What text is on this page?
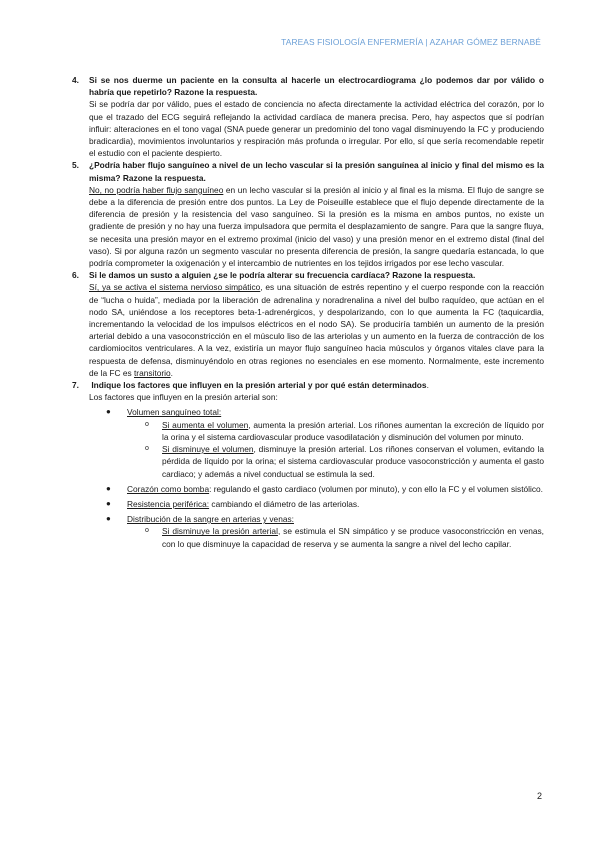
TAREAS FISIOLOGÍA ENFERMERÍA | AZAHAR GÓMEZ BERNABÉ
4.	Si se nos duerme un paciente en la consulta al hacerle un electrocardiograma ¿lo podemos dar por válido o habría que repetirlo? Razone la respuesta.

Si se podría dar por válido, pues el estado de conciencia no afecta directamente la actividad eléctrica del corazón, por lo que el trazado del ECG seguirá reflejando la actividad cardíaca de manera precisa. Pero, hay aspectos que sí podrían influir: alteraciones en el tono vagal (SNA puede generar un predominio del tono vagal disminuyendo la FC y produciendo bradicardia), movimientos involuntarios y respiración más profunda o irregular. Por ello, sí que sería recomendable repetir el estudio con el paciente despierto.

5.	¿Podría haber flujo sanguíneo a nivel de un lecho vascular si la presión sanguínea al inicio y final del mismo es la misma? Razone la respuesta.

No, no podría haber flujo sanguíneo en un lecho vascular si la presión al inicio y al final es la misma. El flujo de sangre se debe a la diferencia de presión entre dos puntos. La Ley de Poiseuille establece que el flujo depende directamente de la diferencia de presión y la resistencia del vaso sanguíneo. Si la presión es la misma en ambos puntos, no existe un gradiente de presión y no hay una fuerza impulsadora que permita el desplazamiento de sangre. Para que la sangre fluya, se necesita una presión mayor en el extremo proximal (inicio del vaso) y una presión menor en el extremo distal (final del vaso). Si por alguna razón un segmento vascular no presenta diferencia de presión, la sangre quedaría estancada, lo que podría comprometer la oxigenación y el intercambio de nutrientes en los tejidos irrigados por ese lecho vascular.

6.	Si le damos un susto a alguien ¿se le podría alterar su frecuencia cardíaca? Razone la respuesta.

Sí, ya se activa el sistema nervioso simpático, es una situación de estrés repentino y el cuerpo responde con la reacción de “lucha o huida”, mediada por la liberación de adrenalina y noradrenalina a nivel del bulbo raquídeo, que actúan en el nodo SA, uniéndose a los receptores beta-1-adrenérgicos, y despolarizando, con lo que aumenta la FC (taquicardia, incrementando la velocidad de los impulsos eléctricos en el nodo SA). Se produciría también un aumento de la presión arterial debido a una vasoconstricción en el músculo liso de las arteriolas y un aumento en la fuerza de contracción de los cardiomiocitos ventriculares. A la vez, existiría un mayor flujo sanguíneo hacia músculos y órganos vitales clave para la respuesta de defensa, disminuyéndolo en otras regiones no esenciales en ese momento. Normalmente, este incremento de la FC es transitorio.

7.	Indique los factores que influyen en la presión arterial y por qué están determinados.

Los factores que influyen en la presión arterial son:

● Volumen sanguíneo total:

o Si aumenta el volumen, aumenta la presión arterial. Los riñones aumentan la excreción de líquido por la orina y el sistema cardiovascular produce vasodilatación y disminución del volumen por minuto.

o Si disminuye el volumen, disminuye la presión arterial. Los riñones conservan el volumen, evitando la pérdida de líquido por la orina; el sistema cardiovascular produce vasoconstricción y aumenta el gasto cardiaco; y además a nivel conductual se estimula la sed.

● Corazón como bomba: regulando el gasto cardiaco (volumen por minuto), y con ello la FC y el volumen sistólico.

● Resistencia periférica: cambiando el diámetro de las arteriolas.

● Distribución de la sangre en arterias y venas:

o Si disminuye la presión arterial, se estimula el SN simpático y se produce vasoconstricción en venas, con lo que disminuye la capacidad de reserva y se aumenta la sangre a nivel del lecho capilar.

2
